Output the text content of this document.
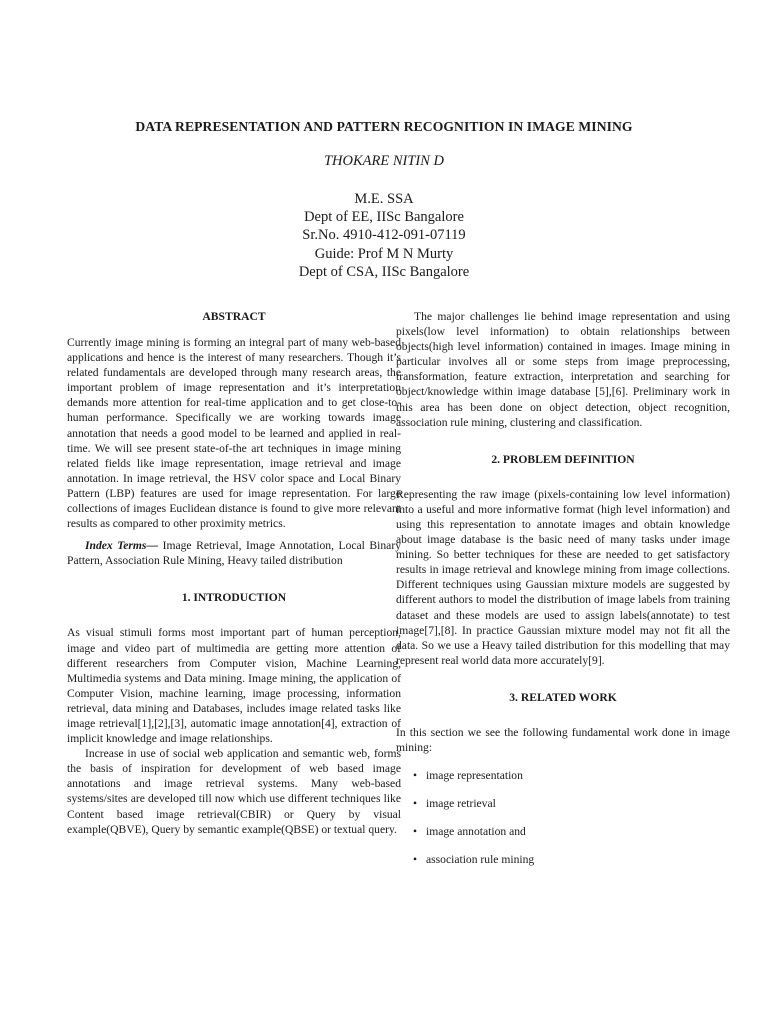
DATA REPRESENTATION AND PATTERN RECOGNITION IN IMAGE MINING
THOKARE NITIN D
M.E. SSA
Dept of EE, IISc Bangalore
Sr.No. 4910-412-091-07119
Guide: Prof M N Murty
Dept of CSA, IISc Bangalore
ABSTRACT

Currently image mining is forming an integral part of many web-based applications and hence is the interest of many researchers. Though it’s related fundamentals are developed through many research areas, the important problem of image representation and it’s interpretation demands more attention for real-time application and to get close-to-human performance. Specifically we are working towards image annotation that needs a good model to be learned and applied in real-time. We will see present state-of-the art techniques in image mining related fields like image representation, image retrieval and image annotation. In image retrieval, the HSV color space and Local Binary Pattern (LBP) features are used for image representation. For large collections of images Euclidean distance is found to give more relevant results as compared to other proximity metrics.

Index Terms— Image Retrieval, Image Annotation, Local Binary Pattern, Association Rule Mining, Heavy tailed distribution

1. INTRODUCTION

As visual stimuli forms most important part of human perception, image and video part of multimedia are getting more attention of different researchers from Computer vision, Machine Learning, Multimedia systems and Data mining. Image mining, the application of Computer Vision, machine learning, image processing, information retrieval, data mining and Databases, includes image related tasks like image retrieval[1],[2],[3], automatic image annotation[4], extraction of implicit knowledge and image relationships.

Increase in use of social web application and semantic web, forms the basis of inspiration for development of web based image annotations and image retrieval systems. Many web-based systems/sites are developed till now which use different techniques like Content based image retrieval(CBIR) or Query by visual example(QBVE), Query by semantic example(QBSE) or textual query.

The major challenges lie behind image representation and using pixels(low level information) to obtain relationships between objects(high level information) contained in images. Image mining in particular involves all or some steps from image preprocessing, transformation, feature extraction, interpretation and searching for object/knowledge within image database [5],[6]. Preliminary work in this area has been done on object detection, object recognition, association rule mining, clustering and classification.

2. PROBLEM DEFINITION

Representing the raw image (pixels-containing low level information) into a useful and more informative format (high level information) and using this representation to annotate images and obtain knowledge about image database is the basic need of many tasks under image mining. So better techniques for these are needed to get satisfactory results in image retrieval and knowlege mining from image collections. Different techniques using Gaussian mixture models are suggested by different authors to model the distribution of image labels from training dataset and these models are used to assign labels(annotate) to test image[7],[8]. In practice Gaussian mixture model may not fit all the data. So we use a Heavy tailed distribution for this modelling that may represent real world data more accurately[9].

3. RELATED WORK

In this section we see the following fundamental work done in image mining:

• image representation
• image retrieval
• image annotation and
• association rule mining
